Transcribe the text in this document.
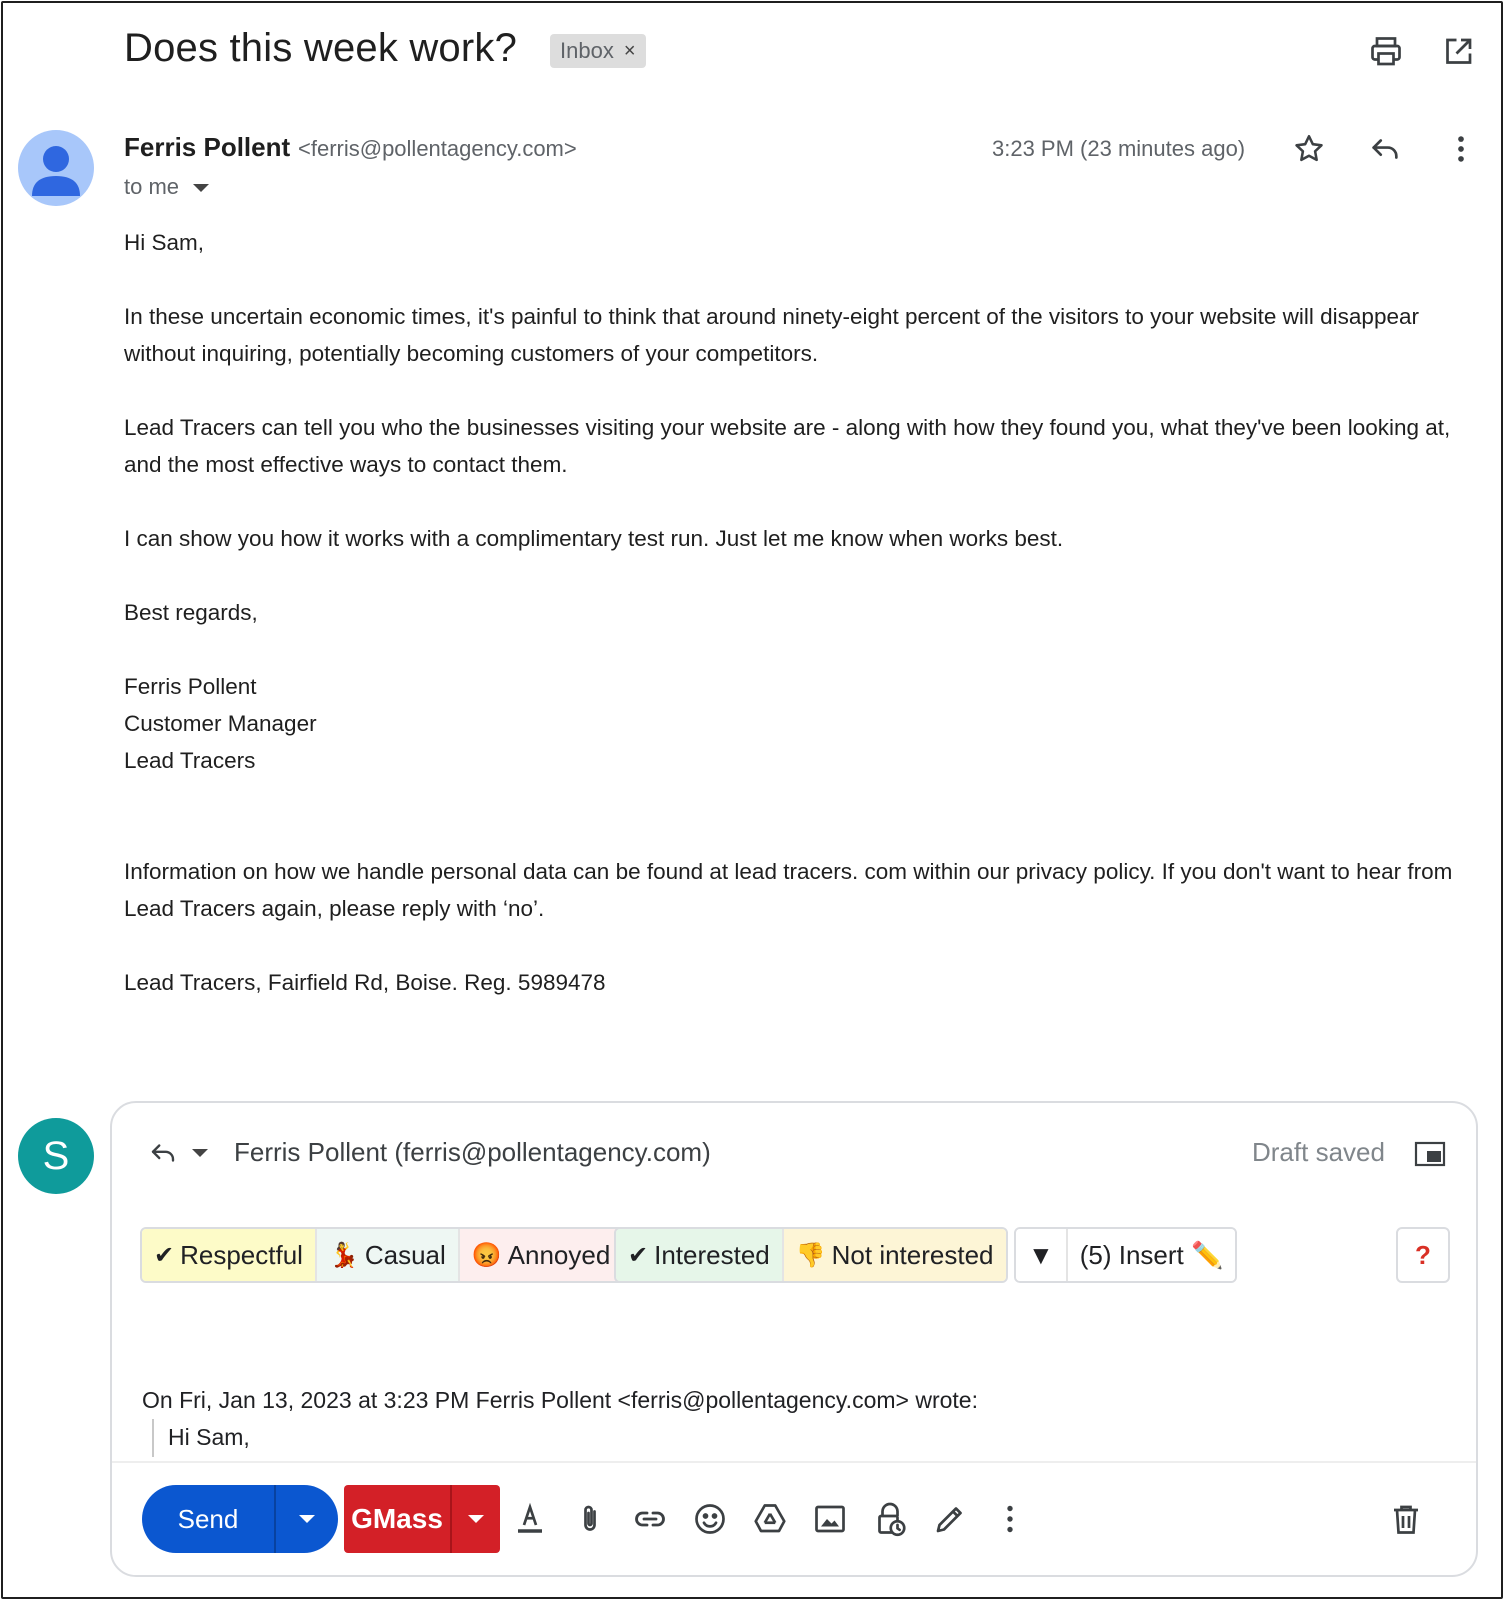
Does this week work? Inbox ×
Ferris Pollent <ferris@pollentagency.com>
to me
3:23 PM (23 minutes ago)

Hi Sam,

In these uncertain economic times, it's painful to think that around ninety-eight percent of the visitors to your website will disappear without inquiring, potentially becoming customers of your competitors.

Lead Tracers can tell you who the businesses visiting your website are - along with how they found you, what they've been looking at, and the most effective ways to contact them.

I can show you how it works with a complimentary test run. Just let me know when works best.

Best regards,

Ferris Pollent

Customer Manager

Lead Tracers

Information on how we handle personal data can be found at lead tracers. com within our privacy policy. If you don't want to hear from Lead Tracers again, please reply with ‘no’.

Lead Tracers, Fairfield Rd, Boise. Reg. 5989478

S	Ferris Pollent (ferris@pollentagency.com)	Draft saved
✔ Respectful 💃 Casual 😡 Annoyed ✔ Interested 👎 Not interested ▼ (5) Insert ✏️	?
On Fri, Jan 13, 2023 at 3:23 PM Ferris Pollent <ferris@pollentagency.com> wrote:
Hi Sam,
Send	GMass
